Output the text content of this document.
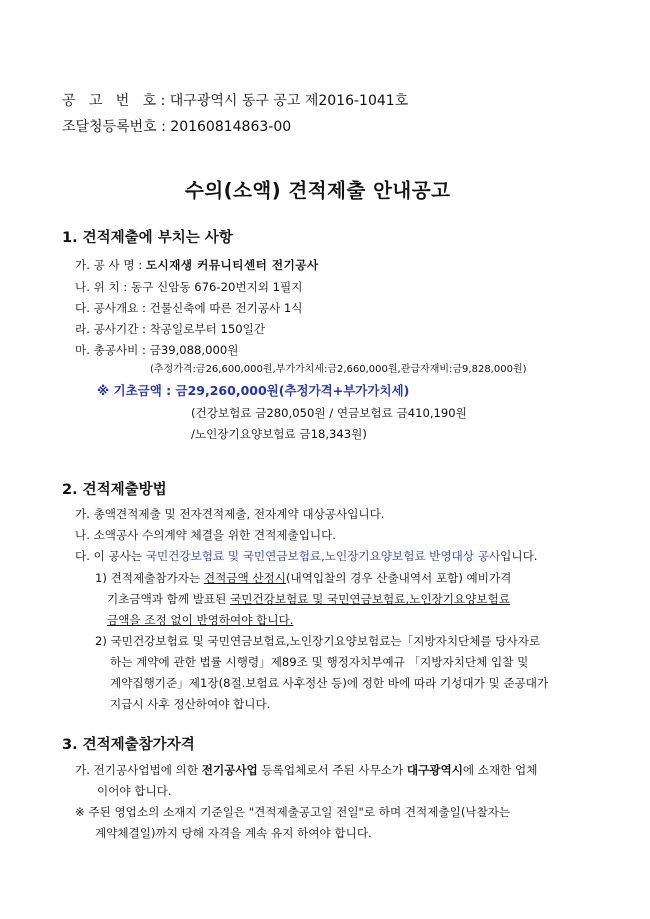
공   고   번   호 : 대구광역시 동구 공고 제2016-1041호
조달청등록번호 : 20160814863-00
수의(소액) 견적제출 안내공고
1. 견적제출에 부치는 사항
가. 공 사 명 : 도시재생 커뮤니티센터 전기공사
나. 위 치 : 동구 신암동 676-20번지외 1필지
다. 공사개요 : 건물신축에 따른 전기공사 1식
라. 공사기간 : 착공일로부터 150일간
마. 총공사비 : 금39,088,000원
(추정가격:금26,600,000원,부가가치세:금2,660,000원,관급자재비:금9,828,000원)
※ 기초금액 : 금29,260,000원(추정가격+부가가치세)
(건강보험료 금280,050원 / 연금보험료 금410,190원
/노인장기요양보험료 금18,343원)
2. 견적제출방법
가. 총액견적제출 및 전자견적제출, 전자계약 대상공사입니다.
나. 소액공사 수의계약 체결을 위한 견적제출입니다.
다. 이 공사는 국민건강보험료 및 국민연금보험료,노인장기요양보험료 반영대상 공사입니다.
1) 견적제출참가자는 견적금액 산정시(내역입찰의 경우 산출내역서 포함) 예비가격
기초금액과 함께 발표된 국민건강보험료 및 국민연금보험료,노인장기요양보험료
금액을 조정 없이 반영하여야 합니다.
2) 국민건강보험료 및 국민연금보험료,노인장기요양보험료는「지방자치단체를 당사자로
하는 계약에 관한 법률 시행령」제89조 및 행정자치부예규 「지방자치단체 입찰 및
계약집행기준」제1장(8절.보험료 사후정산 등)에 정한 바에 따라 기성대가 및 준공대가
지급시 사후 정산하여야 합니다.
3. 견적제출참가자격
가. 전기공사업법에 의한 전기공사업 등록업체로서 주된 사무소가 대구광역시에 소재한 업체
이어야 합니다.
※ 주된 영업소의 소재지 기준일은 "견적제출공고일 전일"로 하며 견적제출일(낙찰자는
계약체결일)까지 당해 자격을 계속 유지 하여야 합니다.
